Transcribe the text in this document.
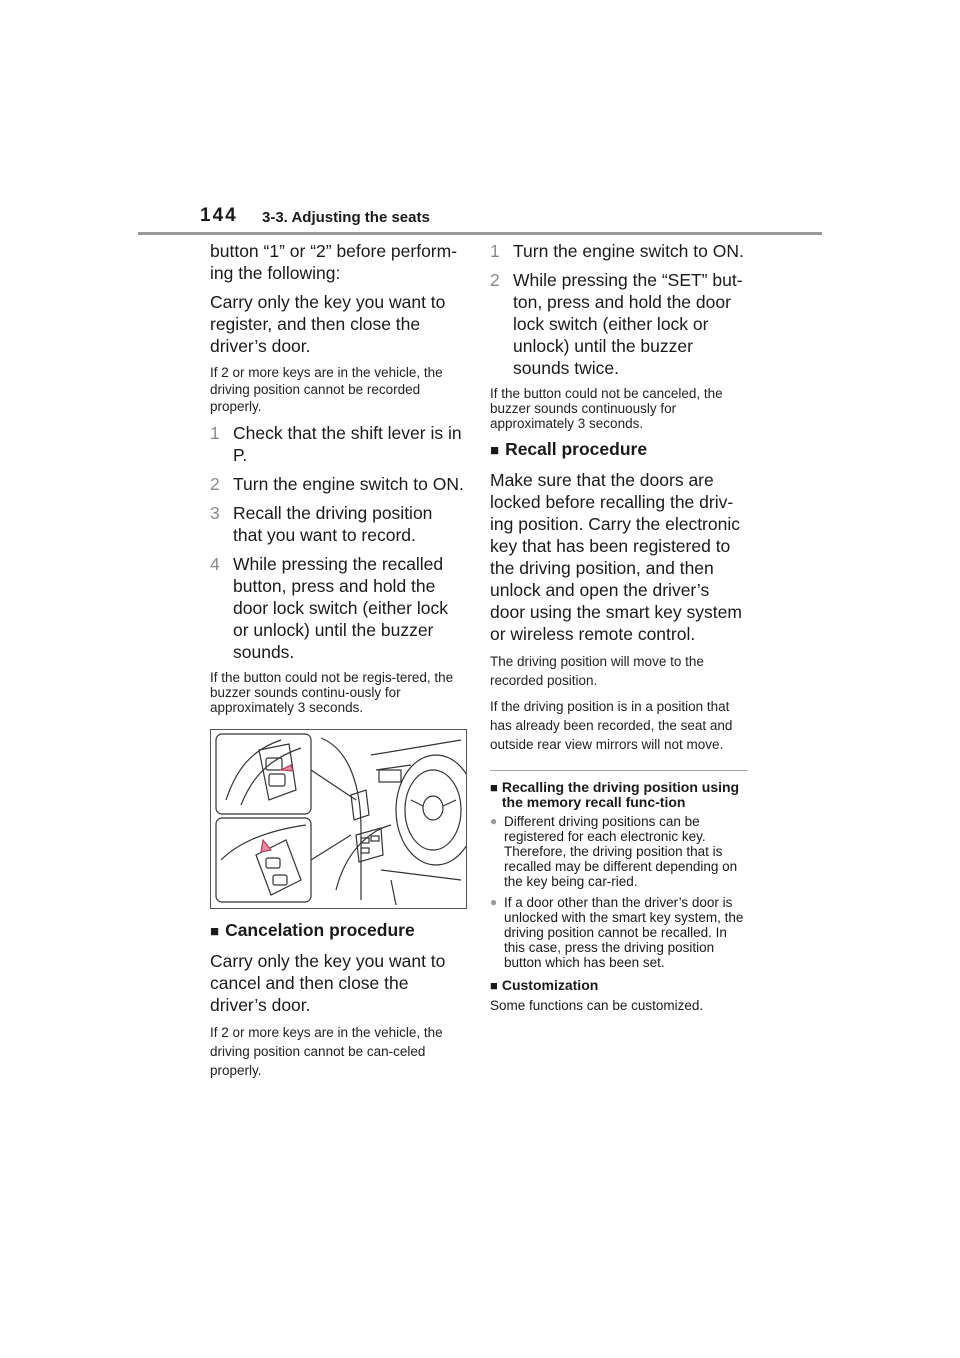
144 3-3. Adjusting the seats

button “1” or “2” before perform-ing the following:

Carry only the key you want to register, and then close the driver’s door.

If 2 or more keys are in the vehicle, the driving position cannot be recorded properly.

1 Check that the shift lever is in P.
2 Turn the engine switch to ON.
3 Recall the driving position that you want to record.
4 While pressing the recalled button, press and hold the door lock switch (either lock or unlock) until the buzzer sounds.

If the button could not be regis-tered, the buzzer sounds continu-ously for approximately 3 seconds.

■ Cancelation procedure

Carry only the key you want to cancel and then close the driver’s door.

If 2 or more keys are in the vehicle, the driving position cannot be can-celed properly.

1 Turn the engine switch to ON.
2 While pressing the “SET” but-ton, press and hold the door lock switch (either lock or unlock) until the buzzer sounds twice.

If the button could not be canceled, the buzzer sounds continuously for approximately 3 seconds.

■ Recall procedure

Make sure that the doors are locked before recalling the driv-ing position. Carry the electronic key that has been registered to the driving position, and then unlock and open the driver’s door using the smart key system or wireless remote control.

The driving position will move to the recorded position.

If the driving position is in a position that has already been recorded, the seat and outside rear view mirrors will not move.

■ Recalling the driving position using the memory recall func-tion
● Different driving positions can be registered for each electronic key. Therefore, the driving position that is recalled may be different depending on the key being car-ried.
● If a door other than the driver’s door is unlocked with the smart key system, the driving position cannot be recalled. In this case, press the driving position button which has been set.
■ Customization

Some functions can be customized.
